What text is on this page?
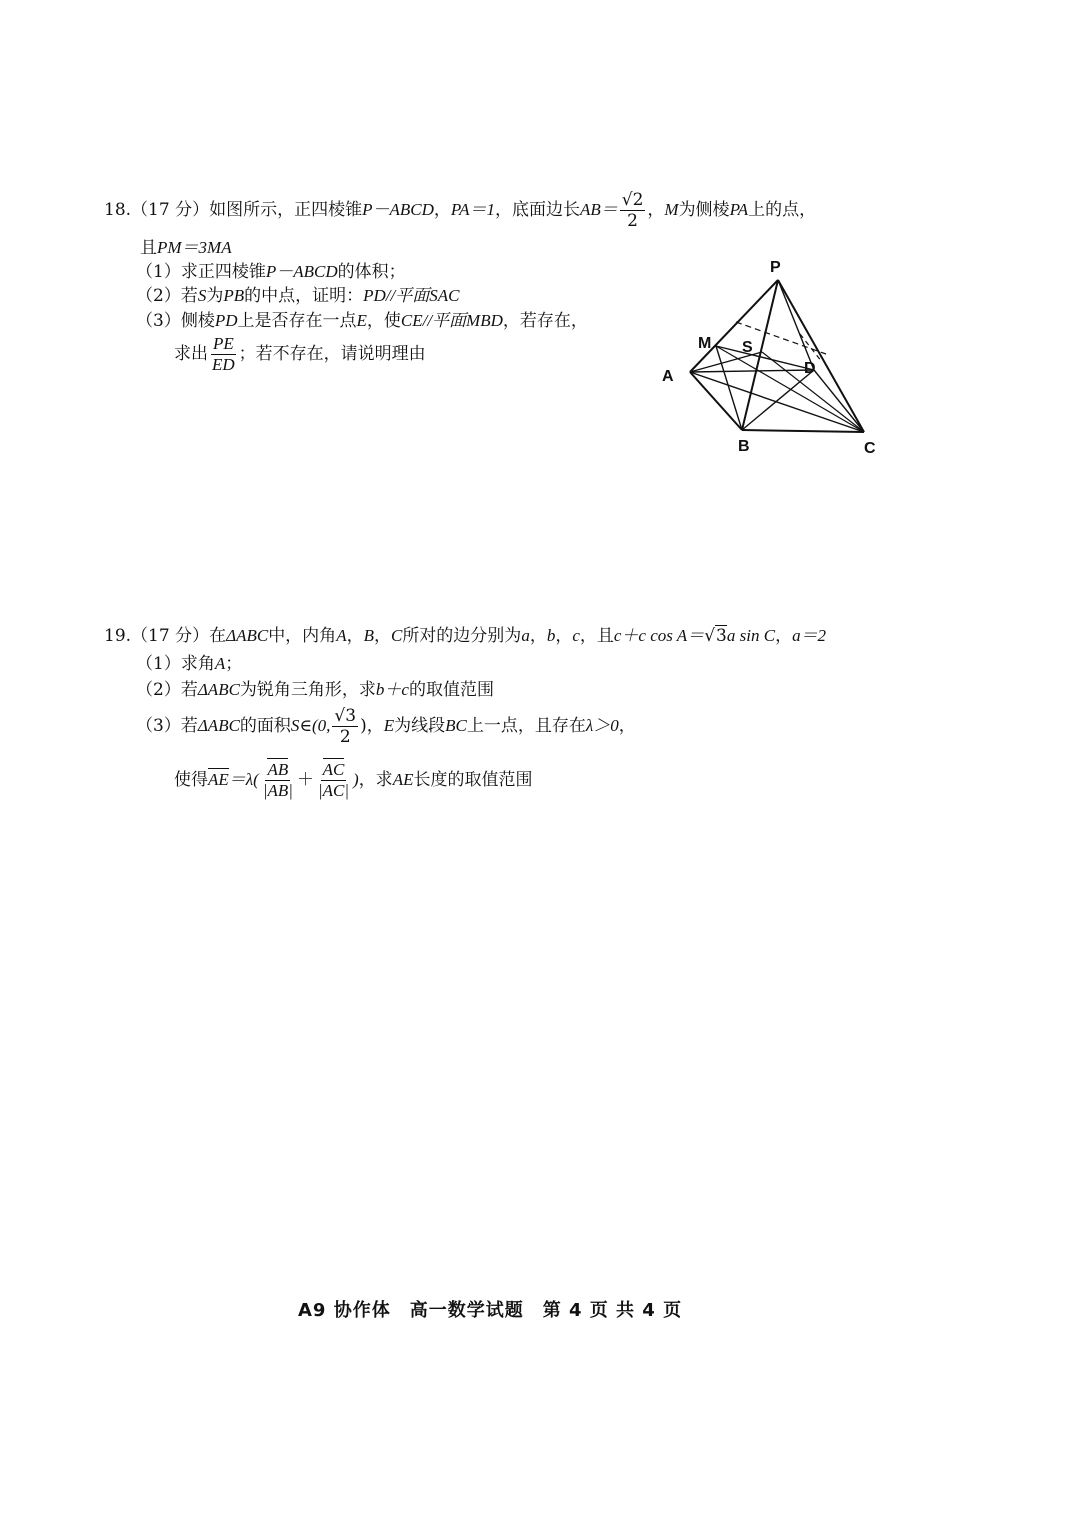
18.（17 分）如图所示，正四棱锥P－ABCD，PA＝1，底面边长$AB= \frac{√2}{2}$ ，M为侧棱PA上的点，
且PM＝3MA
（1）求正四棱锥P－ABCD的体积；
（2）若S为PB的中点，证明：PD//平面SAC
（3）侧棱PD上是否存在一点E，使CE//平面MBD，若存在，
求出 $\frac{PE}{ED}$ ；若不存在，请说明理由
P
M S
D
A
B	C
19.（17 分）在ΔABC中，内角A，B，C所对的边分别为a，b，c，且c＋c cos A＝√3a sin C，a＝2
（1）求角A；
（2）若ΔABC为锐角三角形，求b＋c的取值范围
（3）若ΔABC的面积S∈(0, $\frac{√3}{2}$ )，E为线段BC上一点，且存在λ＞0，
使得$AE=\lambda( \frac{AB}{|AB|} + \frac{AC}{|AC|}$ )，求AE长度的取值范围
A9 协作体　高一数学试题　第 4 页 共 4 页
